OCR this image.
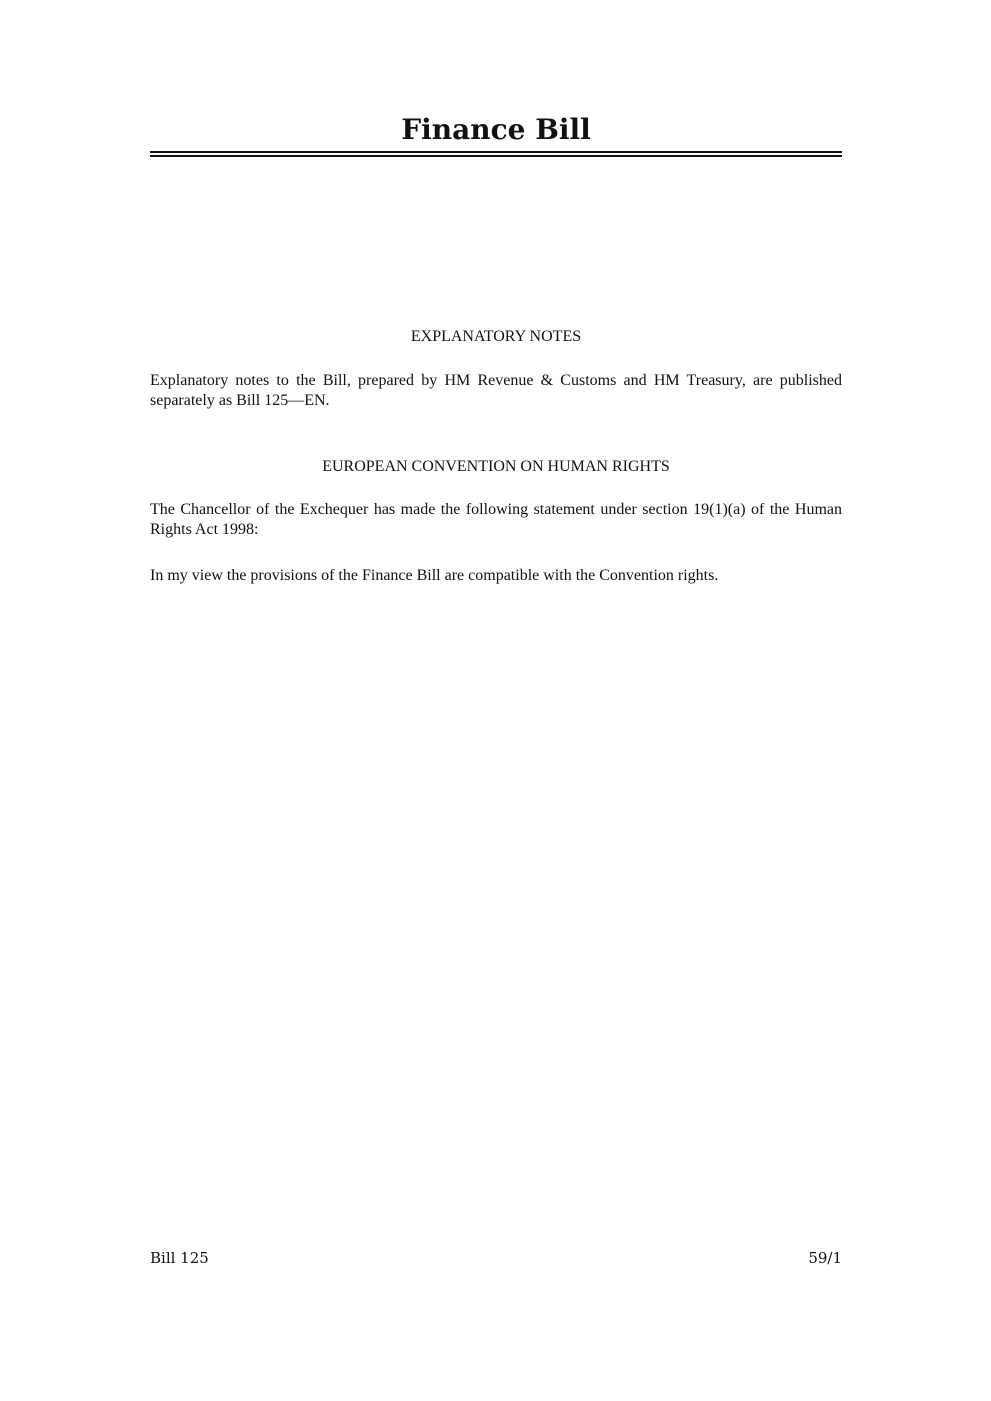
Finance Bill
EXPLANATORY NOTES

Explanatory notes to the Bill, prepared by HM Revenue & Customs and HM Treasury, are published separately as Bill 125—EN.

EUROPEAN CONVENTION ON HUMAN RIGHTS

The Chancellor of the Exchequer has made the following statement under section 19(1)(a) of the Human Rights Act 1998:

In my view the provisions of the Finance Bill are compatible with the Convention rights.

Bill 125	59/1
